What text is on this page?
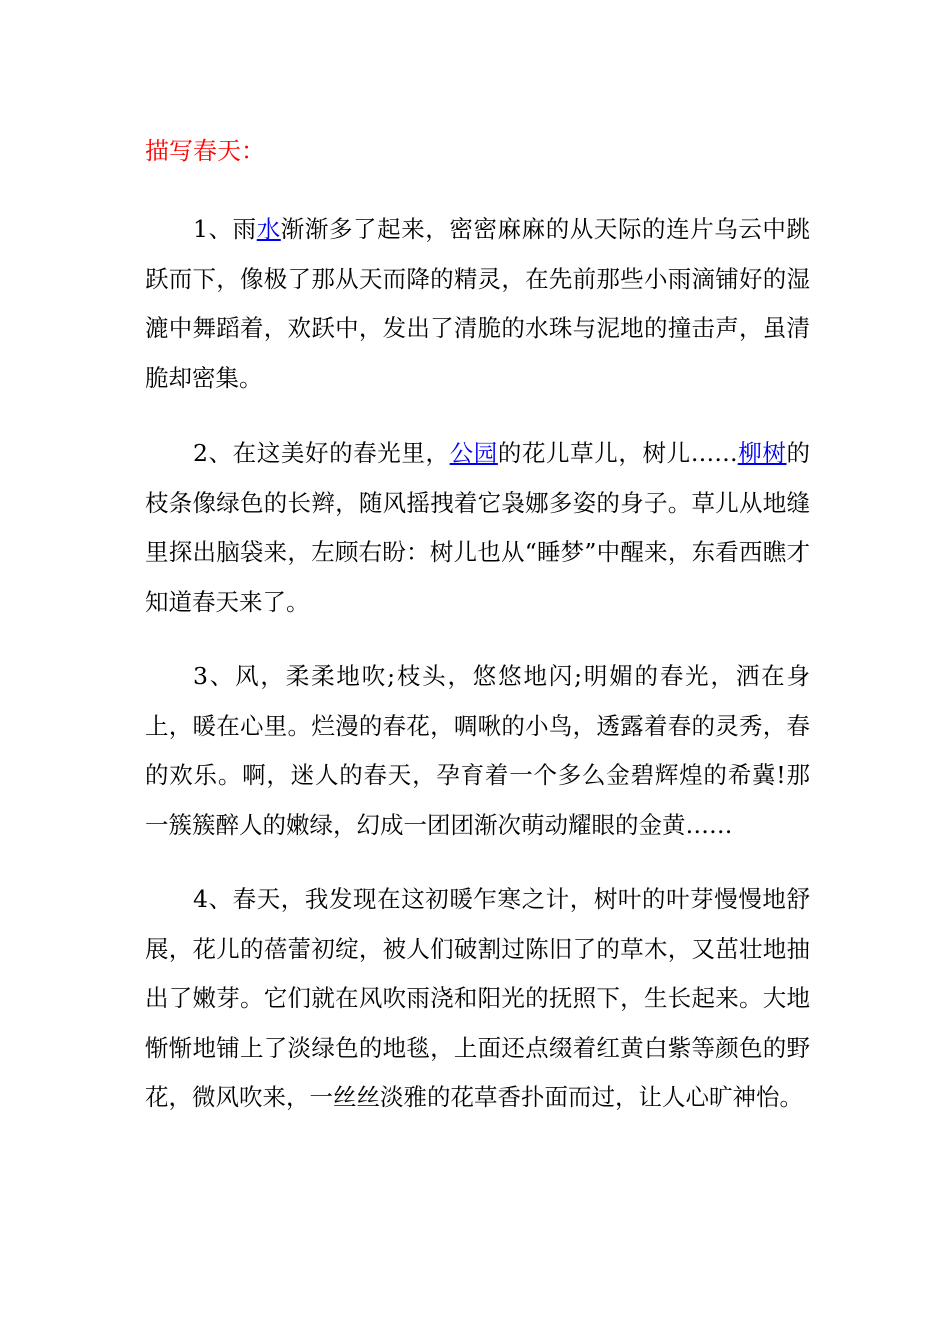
描写春天：

1、雨水渐渐多了起来，密密麻麻的从天际的连片乌云中跳跃而下，像极了那从天而降的精灵，在先前那些小雨滴铺好的湿漉中舞蹈着，欢跃中，发出了清脆的水珠与泥地的撞击声，虽清脆却密集。

2、在这美好的春光里，公园的花儿草儿，树儿……柳树的枝条像绿色的长辫，随风摇拽着它袅娜多姿的身子。草儿从地缝里探出脑袋来，左顾右盼：树儿也从“睡梦”中醒来，东看西瞧才知道春天来了。

3、风，柔柔地吹;枝头，悠悠地闪;明媚的春光，洒在身上，暖在心里。烂漫的春花，啁啾的小鸟，透露着春的灵秀，春的欢乐。啊，迷人的春天，孕育着一个多么金碧辉煌的希冀!那一簇簇醉人的嫩绿，幻成一团团渐次萌动耀眼的金黄……

4、春天，我发现在这初暖乍寒之计，树叶的叶芽慢慢地舒展，花儿的蓓蕾初绽，被人们破割过陈旧了的草木，又茁壮地抽出了嫩芽。它们就在风吹雨浇和阳光的抚照下，生长起来。大地惭惭地铺上了淡绿色的地毯，上面还点缀着红黄白紫等颜色的野花，微风吹来，一丝丝淡雅的花草香扑面而过，让人心旷神怡。
